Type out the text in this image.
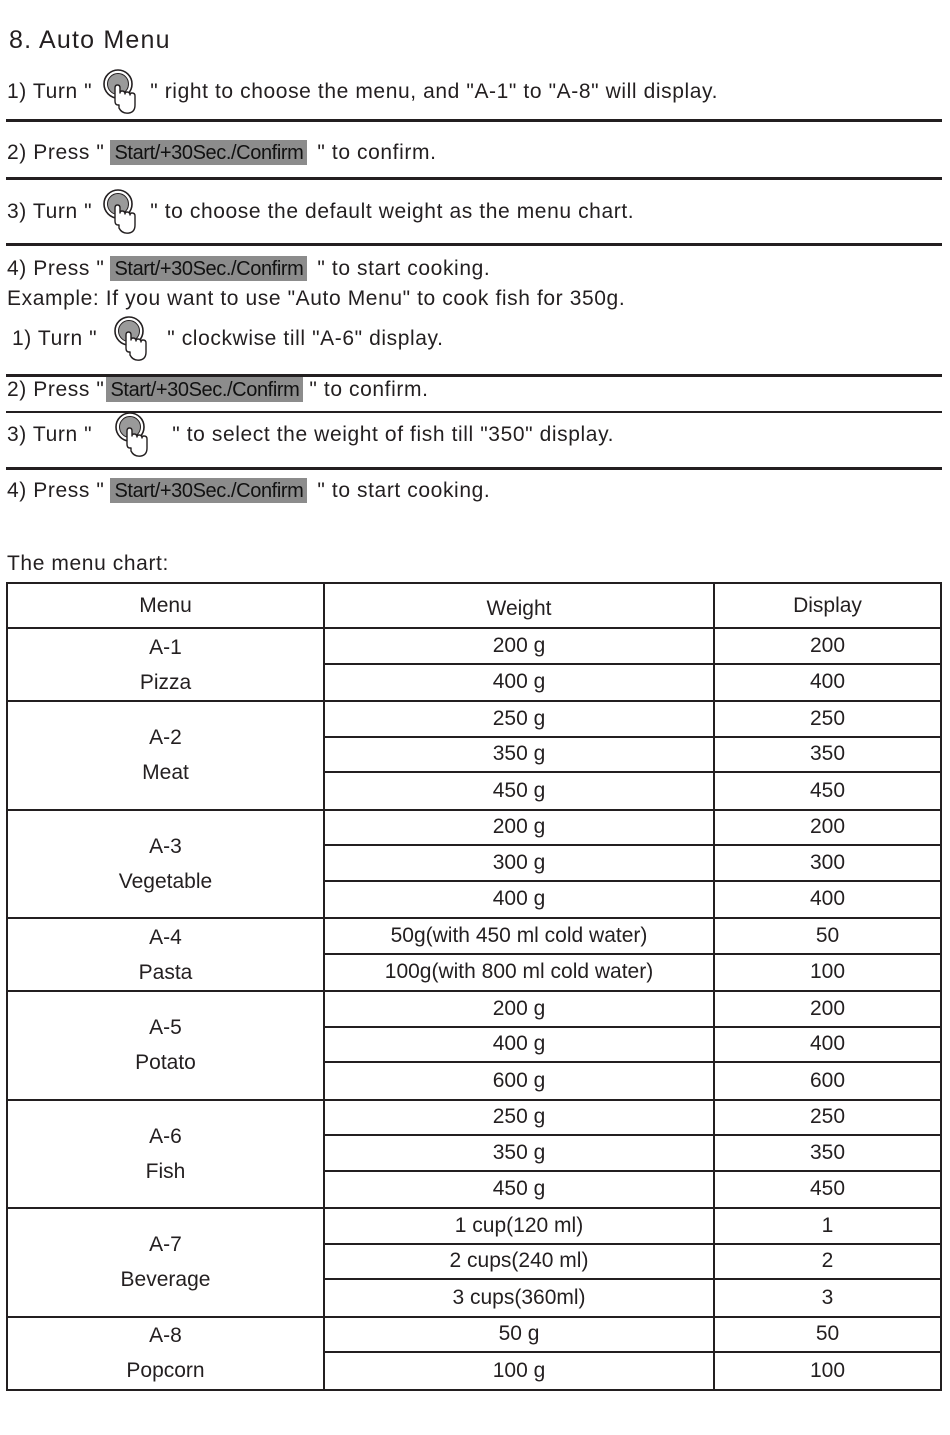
8. Auto Menu
1) Turn "	" right to choose the menu, and "A-1" to "A-8" will display.
2) Press " Start/+30Sec./Confirm " to confirm.
3) Turn "	" to choose the default weight as the menu chart.
4) Press " Start/+30Sec./Confirm " to start cooking.
Example: If you want to use "Auto Menu" to cook fish for 350g.
1) Turn "	" clockwise till "A-6" display.
2) Press " Start/+30Sec./Confirm " to confirm.
3) Turn "	" to select the weight of fish till "350" display.
4) Press " Start/+30Sec./Confirm " to start cooking.
The menu chart:
Menu	Weight	Display
A-1
Pizza
200 g	200
400 g	400
A-2
Meat
250 g	250
350 g	350
450 g	450
A-3
Vegetable
200 g	200
300 g	300
400 g	400
A-4
Pasta
50g(with 450 ml cold water)	50
100g(with 800 ml cold water)	100
A-5
Potato
200 g	200
400 g	400
600 g	600
A-6
Fish
250 g	250
350 g	350
450 g	450
A-7
Beverage
1 cup(120 ml)	1
2 cups(240 ml)	2
3 cups(360ml)	3
A-8
Popcorn
50 g	50
100 g	100
